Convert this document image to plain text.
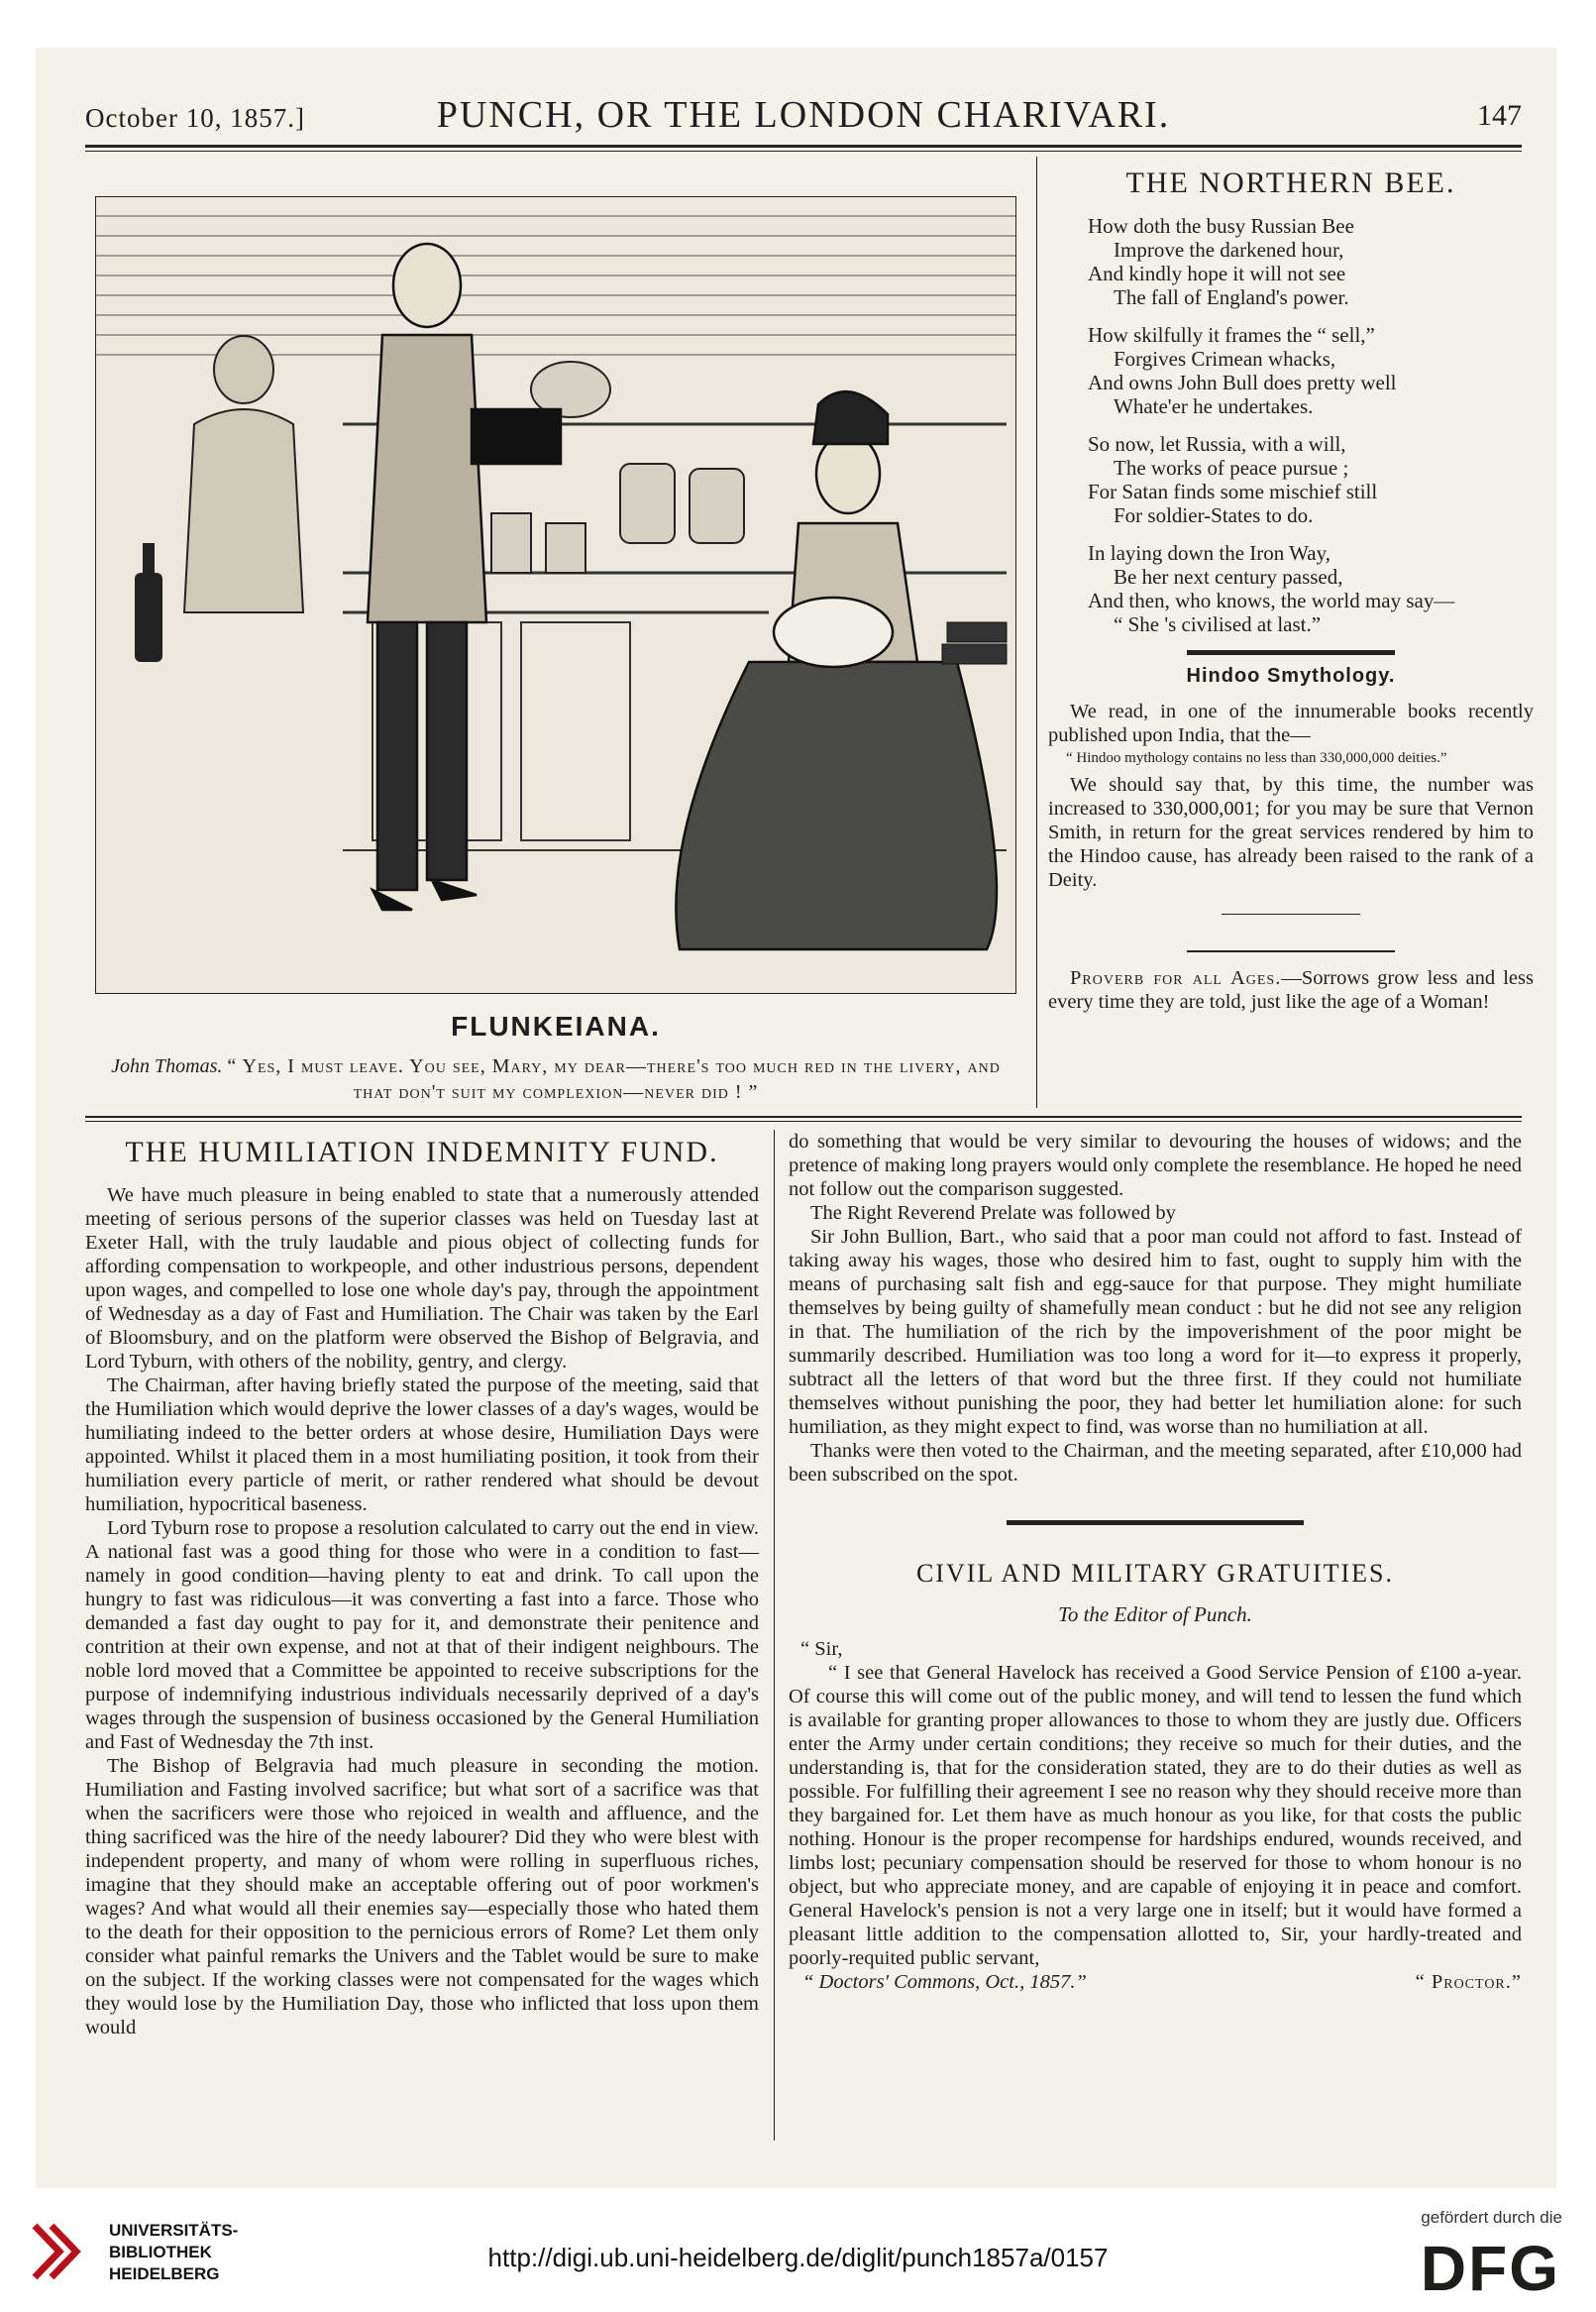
October 10, 1857.]	PUNCH, OR THE LONDON CHARIVARI.	147
FLUNKEIANA.
John Thomas. “ Yes, I must leave. You see, Mary, my dear—there's too much red in the livery, and that don't suit my complexion—never did ! ”
THE NORTHERN BEE.

How doth the busy Russian Bee

Improve the darkened hour,

And kindly hope it will not see

The fall of England's power.

How skilfully it frames the “ sell,”

Forgives Crimean whacks,

And owns John Bull does pretty well

Whate'er he undertakes.

So now, let Russia, with a will,

The works of peace pursue ;

For Satan finds some mischief still

For soldier-States to do.

In laying down the Iron Way,

Be her next century passed,

And then, who knows, the world may say—

“ She 's civilised at last.”

Hindoo Smythology.

We read, in one of the innumerable books recently published upon India, that the—

“ Hindoo mythology contains no less than 330,000,000 deities.”

We should say that, by this time, the number was increased to 330,000,001; for you may be sure that Vernon Smith, in return for the great services rendered by him to the Hindoo cause, has already been raised to the rank of a Deity.

Proverb for all Ages.—Sorrows grow less and less every time they are told, just like the age of a Woman!

THE HUMILIATION INDEMNITY FUND.

We have much pleasure in being enabled to state that a numerously attended meeting of serious persons of the superior classes was held on Tuesday last at Exeter Hall, with the truly laudable and pious object of collecting funds for affording compensation to workpeople, and other industrious persons, dependent upon wages, and compelled to lose one whole day's pay, through the appointment of Wednesday as a day of Fast and Humiliation. The Chair was taken by the Earl of Bloomsbury, and on the platform were observed the Bishop of Belgravia, and Lord Tyburn, with others of the nobility, gentry, and clergy.

The Chairman, after having briefly stated the purpose of the meeting, said that the Humiliation which would deprive the lower classes of a day's wages, would be humiliating indeed to the better orders at whose desire, Humiliation Days were appointed. Whilst it placed them in a most humiliating position, it took from their humiliation every particle of merit, or rather rendered what should be devout humiliation, hypocritical baseness.

Lord Tyburn rose to propose a resolution calculated to carry out the end in view. A national fast was a good thing for those who were in a condition to fast—namely in good condition—having plenty to eat and drink. To call upon the hungry to fast was ridiculous—it was converting a fast into a farce. Those who demanded a fast day ought to pay for it, and demonstrate their penitence and contrition at their own expense, and not at that of their indigent neighbours. The noble lord moved that a Committee be appointed to receive subscriptions for the purpose of indemnifying industrious individuals necessarily deprived of a day's wages through the suspension of business occasioned by the General Humiliation and Fast of Wednesday the 7th inst.

The Bishop of Belgravia had much pleasure in seconding the motion. Humiliation and Fasting involved sacrifice; but what sort of a sacrifice was that when the sacrificers were those who rejoiced in wealth and affluence, and the thing sacrificed was the hire of the needy labourer? Did they who were blest with independent property, and many of whom were rolling in superfluous riches, imagine that they should make an acceptable offering out of poor workmen's wages? And what would all their enemies say—especially those who hated them to the death for their opposition to the pernicious errors of Rome? Let them only consider what painful remarks the Univers and the Tablet would be sure to make on the subject. If the working classes were not compensated for the wages which they would lose by the Humiliation Day, those who inflicted that loss upon them would

do something that would be very similar to devouring the houses of widows; and the pretence of making long prayers would only complete the resemblance. He hoped he need not follow out the comparison suggested.

The Right Reverend Prelate was followed by

Sir John Bullion, Bart., who said that a poor man could not afford to fast. Instead of taking away his wages, those who desired him to fast, ought to supply him with the means of purchasing salt fish and egg-sauce for that purpose. They might humiliate themselves by being guilty of shamefully mean conduct : but he did not see any religion in that. The humiliation of the rich by the impoverishment of the poor might be summarily described. Humiliation was too long a word for it—to express it properly, subtract all the letters of that word but the three first. If they could not humiliate themselves without punishing the poor, they had better let humiliation alone: for such humiliation, as they might expect to find, was worse than no humiliation at all.

Thanks were then voted to the Chairman, and the meeting separated, after £10,000 had been subscribed on the spot.

CIVIL AND MILITARY GRATUITIES.
To the Editor of Punch.

“ Sir,

“ I see that General Havelock has received a Good Service Pension of £100 a-year. Of course this will come out of the public money, and will tend to lessen the fund which is available for granting proper allowances to those to whom they are justly due. Officers enter the Army under certain conditions; they receive so much for their duties, and the understanding is, that for the consideration stated, they are to do their duties as well as possible. For fulfilling their agreement I see no reason why they should receive more than they bargained for. Let them have as much honour as you like, for that costs the public nothing. Honour is the proper recompense for hardships endured, wounds received, and limbs lost; pecuniary compensation should be reserved for those to whom honour is no object, but who appreciate money, and are capable of enjoying it in peace and comfort. General Havelock's pension is not a very large one in itself; but it would have formed a pleasant little addition to the compensation allotted to, Sir, your hardly-treated and poorly-requited public servant,

“ Doctors' Commons, Oct., 1857.”	“ Proctor.”
UNIVERSITÄTS-
BIBLIOTHEK
HEIDELBERG
http://digi.ub.uni-heidelberg.de/diglit/punch1857a/0157
gefördert durch die
DFG
